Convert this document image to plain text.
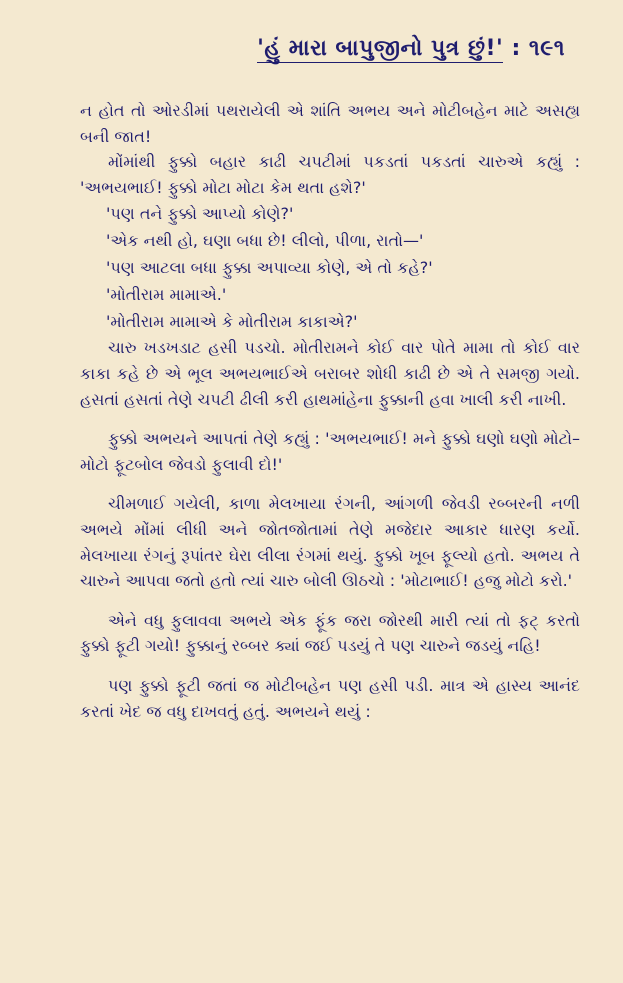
'હું મારા બાપુજીનો પુત્ર છું!' : ૧૯૧

ન હોત તો ઓરડીમાં પથરાયેલી એ શાંતિ અભય અને મોટીબહેન માટે અસહ્ય બની જાત!

મોંમાંથી ફુક્કો બહાર કાઢી ચપટીમાં પકડતાં પકડતાં ચારુએ કહ્યું : 'અભયભાઈ! ફુક્કો મોટા મોટા કેમ થતા હશે?'

'પણ તને ફુક્કો આપ્યો કોણે?'

'એક નથી હો, ઘણા બધા છે! લીલો, પીળા, રાતો—'

'પણ આટલા બધા ફુક્કા અપાવ્યા કોણે, એ તો કહે?'

'મોતીરામ મામાએ.'

'મોતીરામ મામાએ કે મોતીરામ કાકાએ?'

ચારુ ખડખડાટ હસી પડચો. મોતીરામને કોઈ વાર પોતે મામા તો કોઈ વાર કાકા કહે છે એ ભૂલ અભયભાઈએ બરાબર શોધી કાઢી છે એ તે સમજી ગયો. હસતાં હસતાં તેણે ચપટી ઢીલી કરી હાથમાંહેના ફુક્કાની હવા ખાલી કરી નાખી.

ફુક્કો અભયને આપતાં તેણે કહ્યું : 'અભયભાઈ! મને ફુક્કો ઘણો ઘણો મોટો–મોટો ફૂટબોલ જેવડો ફુલાવી દો!'

ચીમળાઈ ગયેલી, કાળા મેલખાયા રંગની, આંગળી જેવડી રબ્બરની નળી અભયે મોંમાં લીધી અને જોતજોતામાં તેણે મજેદાર આકાર ધારણ કર્યો. મેલખાયા રંગનું રૂપાંતર ઘેરા લીલા રંગમાં થયું. ફુક્કો ખૂબ ફૂલ્યો હતો. અભય તે ચારુને આપવા જતો હતો ત્યાં ચારુ બોલી ઊઠચો : 'મોટાભાઈ! હજુ મોટો કરો.'

એને વધુ ફુલાવવા અભયે એક ફૂંક જરા જોરથી મારી ત્યાં તો ફટ્ કરતો ફુક્કો ફૂટી ગયો! ફુક્કાનું રબ્બર ક્યાં જઈ પડયું તે પણ ચારુને જડયું નહિ!

પણ ફુક્કો ફૂટી જતાં જ મોટીબહેન પણ હસી પડી. માત્ર એ હાસ્ય આનંદ કરતાં ખેદ જ વધુ દાખવતું હતું. અભયને થયું :
